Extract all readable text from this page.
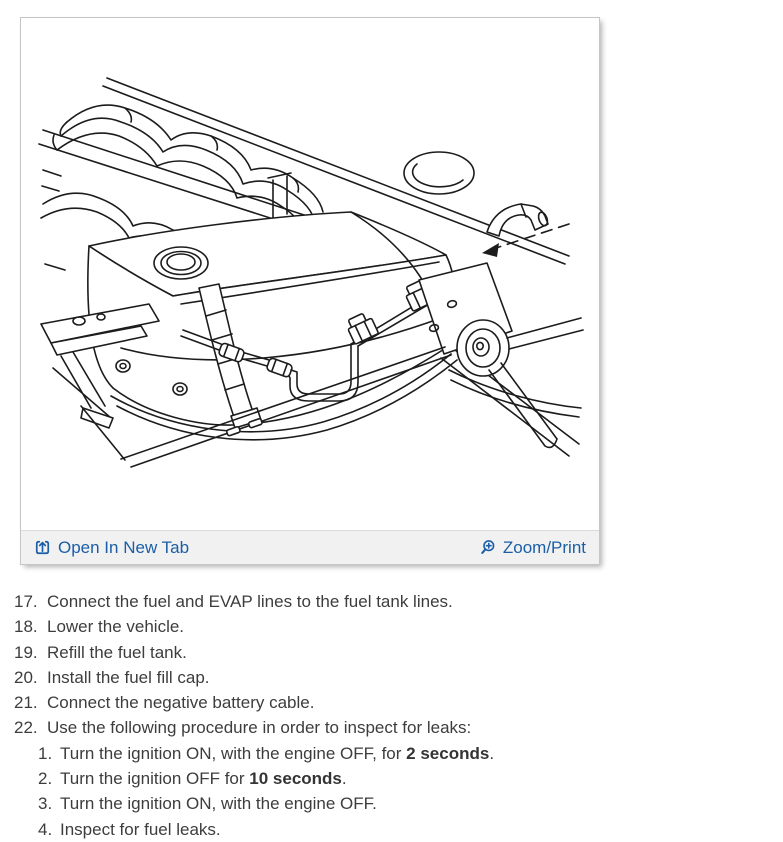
Open In New Tab	Zoom/Print
17. Connect the fuel and EVAP lines to the fuel tank lines.
18. Lower the vehicle.
19. Refill the fuel tank.
20. Install the fuel fill cap.
21. Connect the negative battery cable.
22. Use the following procedure in order to inspect for leaks:
1. Turn the ignition ON, with the engine OFF, for 2 seconds.
2. Turn the ignition OFF for 10 seconds.
3. Turn the ignition ON, with the engine OFF.
4. Inspect for fuel leaks.
